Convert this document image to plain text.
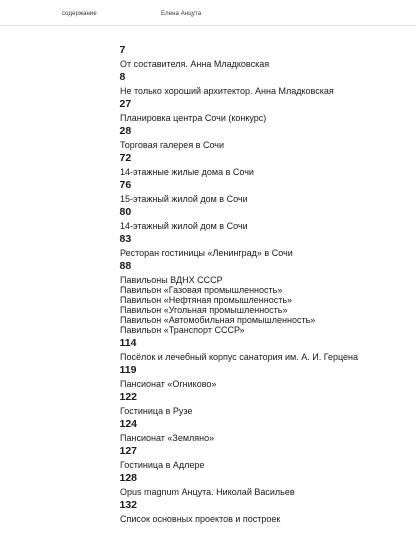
содержание	Елена Анцута
7
От составителя. Анна Младковская
8
Не только хороший архитектор. Анна Младковская
27
Планировка центра Сочи (конкурс)
28
Торговая галерея в Сочи
72
14-этажные жилые дома в Сочи
76
15-этажный жилой дом в Сочи
80
14-этажный жилой дом в Сочи
83
Ресторан гостиницы «Ленинград» в Сочи
88
Павильоны ВДНХ СССР
Павильон «Газовая промышленность»
Павильон «Нефтяная промышленность»
Павильон «Угольная промышленность»
Павильон «Автомобильная промышленность»
Павильон «Транспорт СССР»
114
Посёлок и лечебный корпус санатория им. А. И. Герцена
119
Пансионат «Огниково»
122
Гостиница в Рузе
124
Пансионат «Землянo»
127
Гостиница в Адлере
128
Opus magnum Анцута. Николай Васильев
132
Список основных проектов и построек
